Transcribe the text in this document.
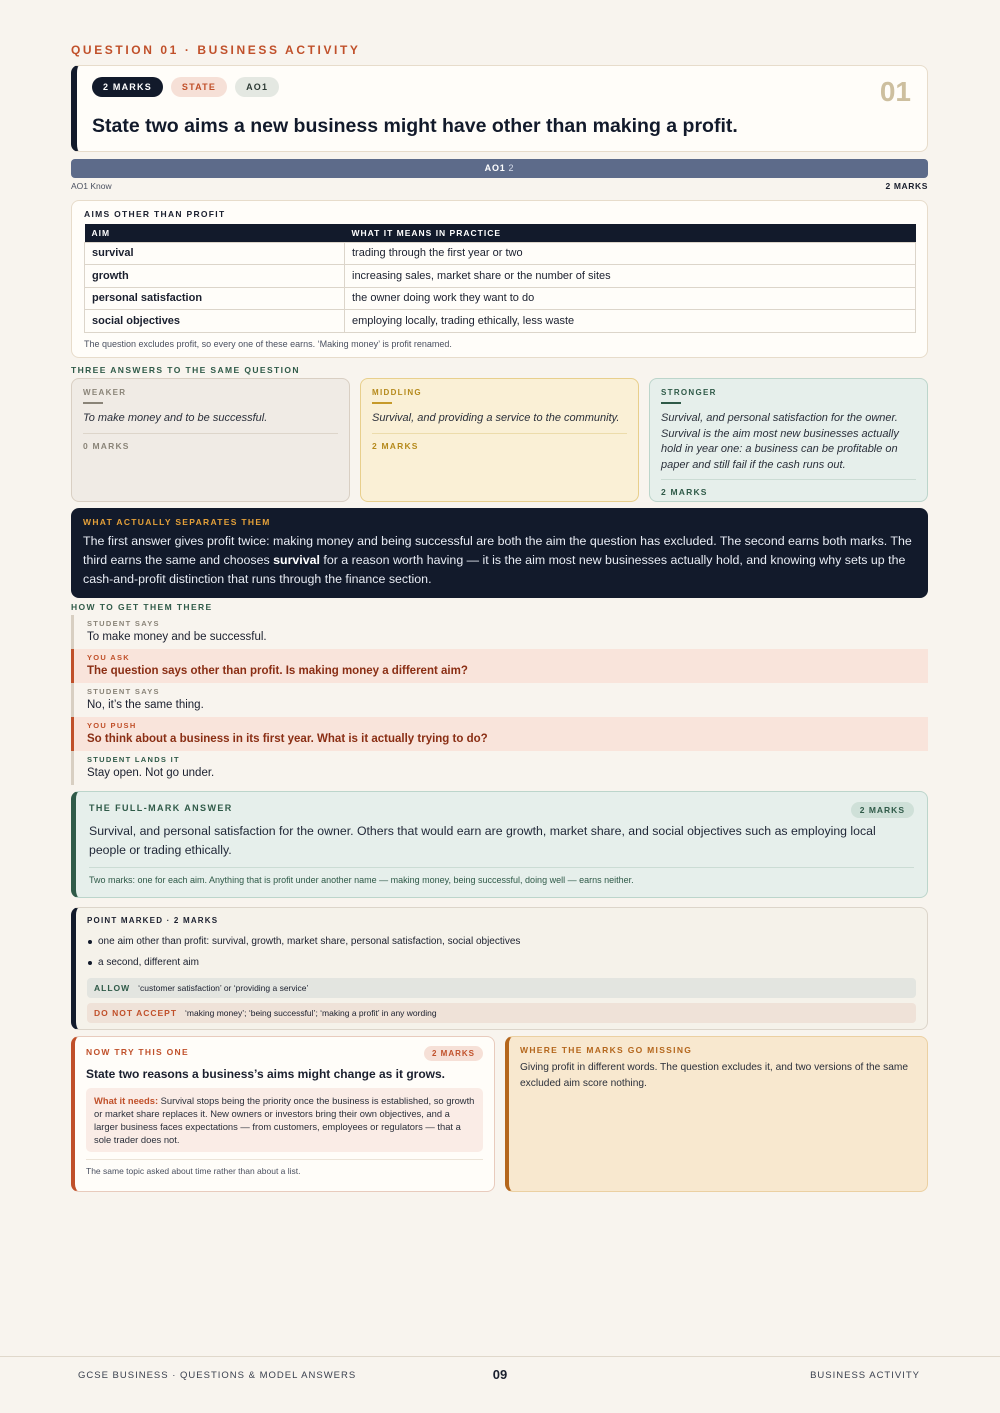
QUESTION 01 · BUSINESS ACTIVITY
2 MARKS	STATE	AO1	01
State two aims a new business might have other than making a profit.
AO1 2
AO1 Know	2 MARKS
AIMS OTHER THAN PROFIT
AIM	WHAT IT MEANS IN PRACTICE
survival	trading through the first year or two
growth	increasing sales, market share or the number of sites
personal satisfaction	the owner doing work they want to do
social objectives	employing locally, trading ethically, less waste
The question excludes profit, so every one of these earns. ‘Making money’ is profit renamed.
THREE ANSWERS TO THE SAME QUESTION
WEAKER
To make money and to be successful.
0 MARKS
MIDDLING
Survival, and providing a service to the community.
2 MARKS
STRONGER
Survival, and personal satisfaction for the owner. Survival is the aim most new businesses actually hold in year one: a business can be profitable on paper and still fail if the cash runs out.
2 MARKS
WHAT ACTUALLY SEPARATES THEM

The first answer gives profit twice: making money and being successful are both the aim the question has excluded. The second earns both marks. The third earns the same and chooses survival for a reason worth having — it is the aim most new businesses actually hold, and knowing why sets up the cash-and-profit distinction that runs through the finance section.

HOW TO GET THEM THERE
STUDENT SAYS
To make money and be successful.
YOU ASK
The question says other than profit. Is making money a different aim?
STUDENT SAYS
No, it’s the same thing.
YOU PUSH
So think about a business in its first year. What is it actually trying to do?
STUDENT LANDS IT
Stay open. Not go under.
THE FULL-MARK ANSWER	2 MARKS
Survival, and personal satisfaction for the owner. Others that would earn are growth, market share, and social objectives such as employing local people or trading ethically.
Two marks: one for each aim. Anything that is profit under another name — making money, being successful, doing well — earns neither.
POINT MARKED · 2 MARKS
one aim other than profit: survival, growth, market share, personal satisfaction, social objectives
a second, different aim
ALLOW ‘customer satisfaction’ or ‘providing a service’
DO NOT ACCEPT ‘making money’; ‘being successful’; ‘making a profit’ in any wording
NOW TRY THIS ONE	2 MARKS
State two reasons a business’s aims might change as it grows.
What it needs: Survival stops being the priority once the business is established, so growth or market share replaces it. New owners or investors bring their own objectives, and a larger business faces expectations — from customers, employees or regulators — that a sole trader does not.
The same topic asked about time rather than about a list.
WHERE THE MARKS GO MISSING
Giving profit in different words. The question excludes it, and two versions of the same excluded aim score nothing.
GCSE BUSINESS · QUESTIONS & MODEL ANSWERS	09	BUSINESS ACTIVITY
